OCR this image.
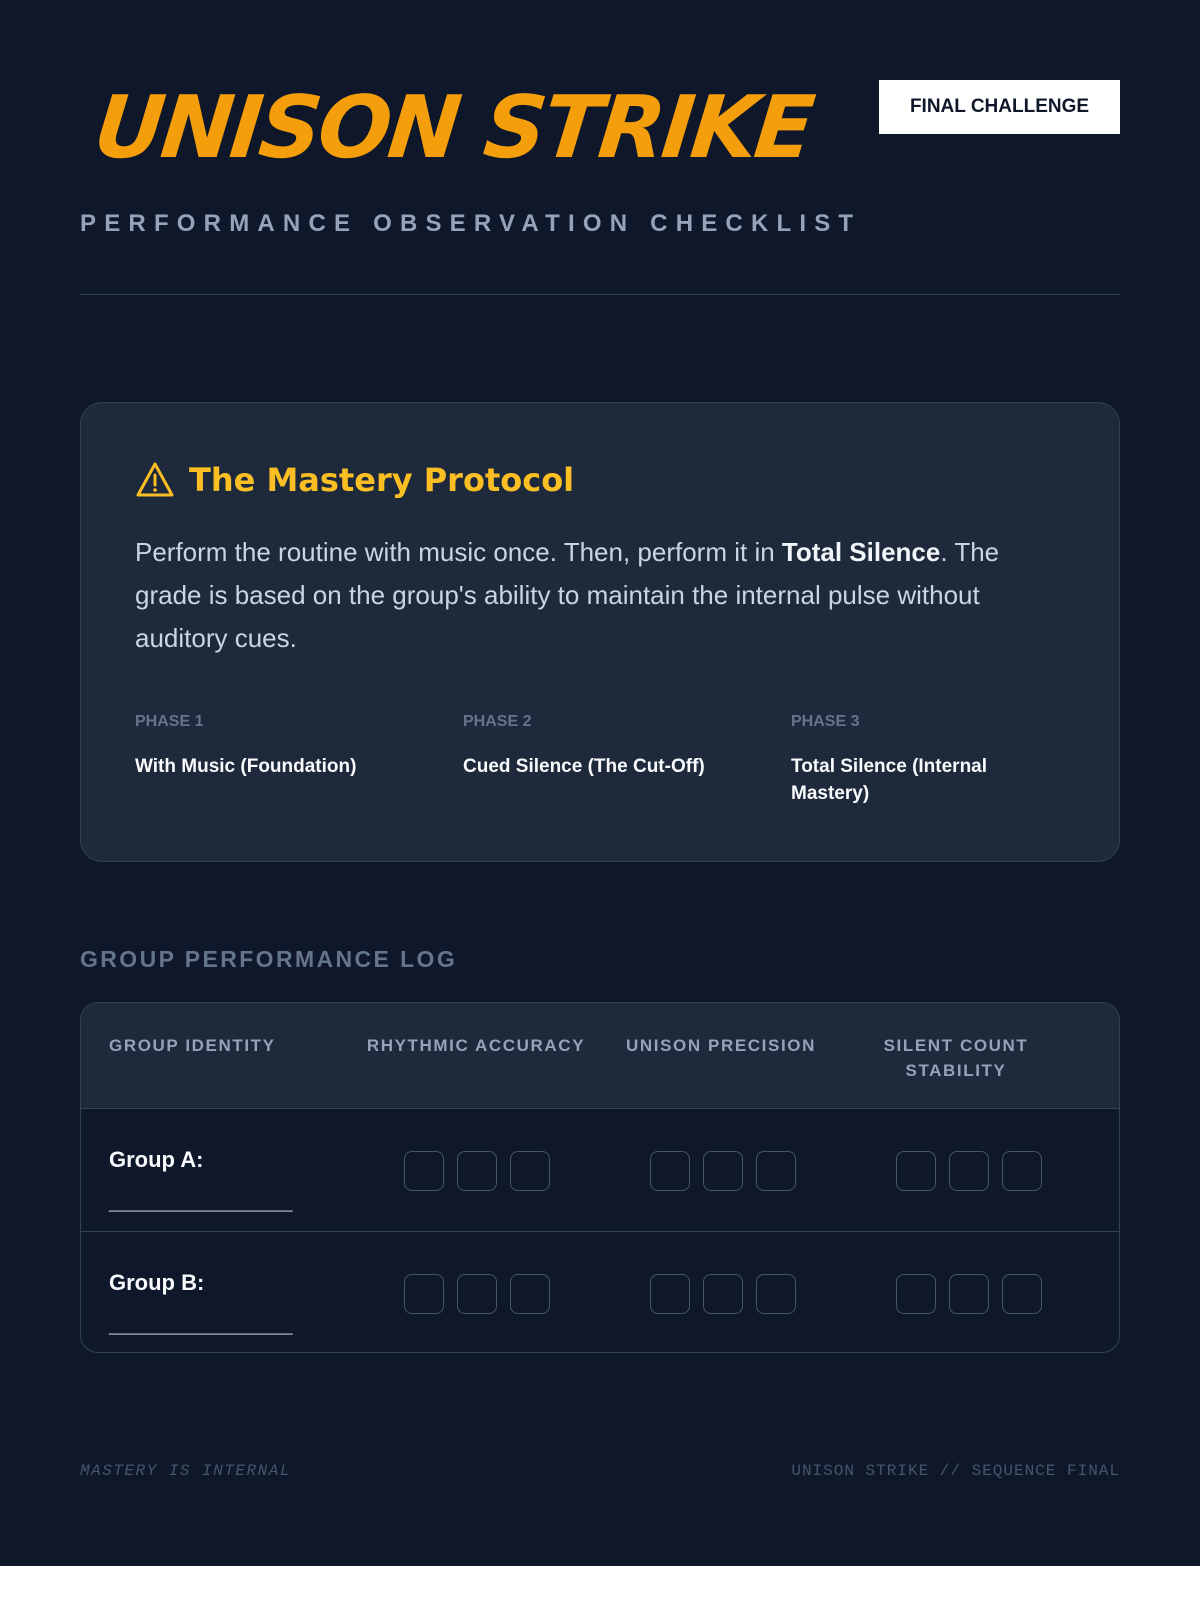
UNISON STRIKE	FINAL CHALLENGE
PERFORMANCE OBSERVATION CHECKLIST
The Mastery Protocol

Perform the routine with music once. Then, perform it in Total Silence. The grade is based on the group's ability to maintain the internal pulse without auditory cues.

PHASE 1
With Music (Foundation)
PHASE 2
Cued Silence (The Cut-Off)
PHASE 3
Total Silence (Internal Mastery)
GROUP PERFORMANCE LOG
GROUP IDENTITY	RHYTHMIC ACCURACY	UNISON PRECISION	SILENT COUNT STABILITY
Group A:
_______________
Group B:
_______________
MASTERY IS INTERNAL	UNISON STRIKE // SEQUENCE FINAL
